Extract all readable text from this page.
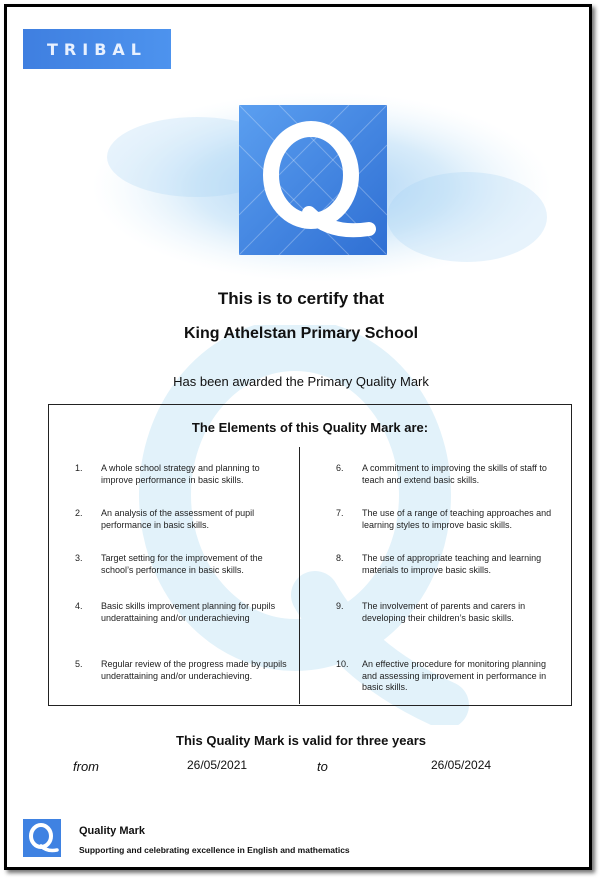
TRIBAL
This is to certify that
King Athelstan Primary School
Has been awarded the Primary Quality Mark
The Elements of this Quality Mark are:
1.	A whole school strategy and planning to improve performance in basic skills.
2.	An analysis of the assessment of pupil performance in basic skills.
3.	Target setting for the improvement of the school’s performance in basic skills.
4.	Basic skills improvement planning for pupils underattaining and/or underachieving
5.	Regular review of the progress made by pupils underattaining and/or underachieving.
6.	A commitment to improving the skills of staff to teach and extend basic skills.
7.	The use of a range of teaching approaches and learning styles to improve basic skills.
8.	The use of appropriate teaching and learning materials to improve basic skills.
9.	The involvement of parents and carers in developing their children’s basic skills.
10.	An effective procedure for monitoring planning and assessing improvement in performance in basic skills.
This Quality Mark is valid for three years
from	26/05/2021	to	26/05/2024
Quality Mark
Supporting and celebrating excellence in English and mathematics
